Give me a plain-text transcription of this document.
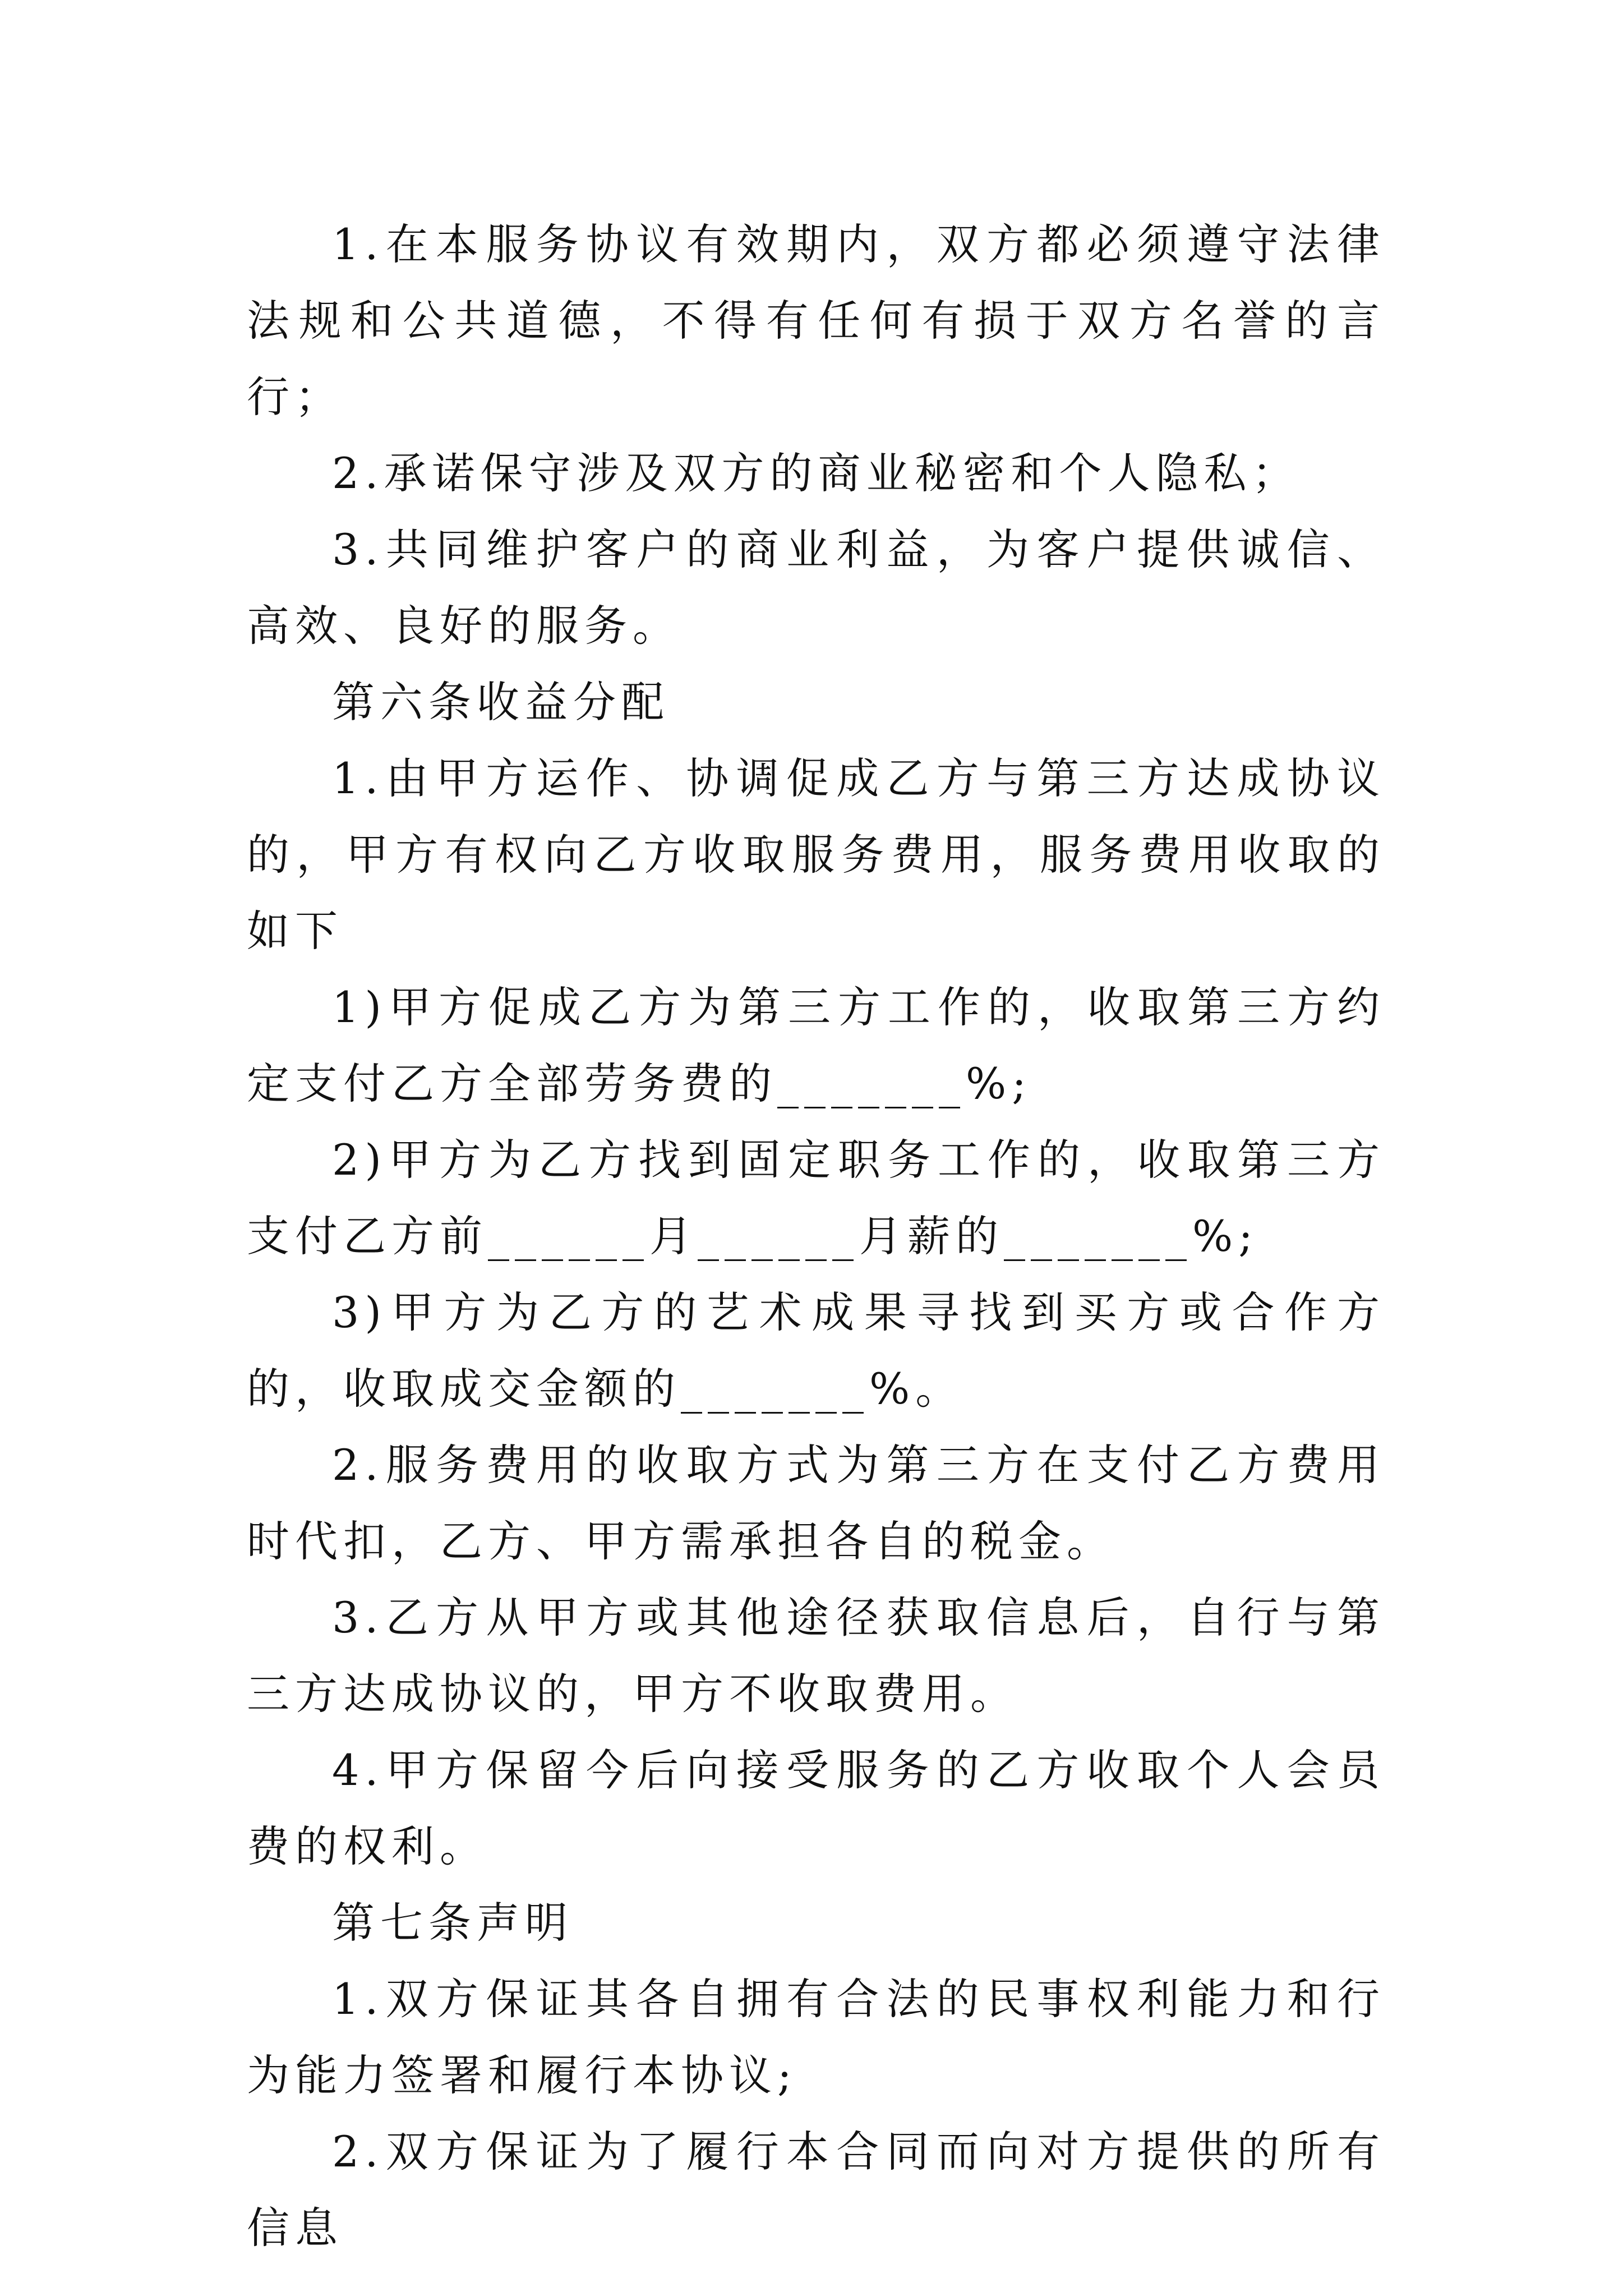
1.在本服务协议有效期内，双方都必须遵守法律法规和公共道德，不得有任何有损于双方名誉的言行；

2.承诺保守涉及双方的商业秘密和个人隐私；

3.共同维护客户的商业利益，为客户提供诚信、高效、良好的服务。

第六条收益分配

1.由甲方运作、协调促成乙方与第三方达成协议的，甲方有权向乙方收取服务费用，服务费用收取的如下

1)甲方促成乙方为第三方工作的，收取第三方约定支付乙方全部劳务费的_______%;

2)甲方为乙方找到固定职务工作的，收取第三方支付乙方前______月______月薪的_______%;

3)甲方为乙方的艺术成果寻找到买方或合作方的，收取成交金额的_______%。

2.服务费用的收取方式为第三方在支付乙方费用时代扣，乙方、甲方需承担各自的税金。

3.乙方从甲方或其他途径获取信息后，自行与第三方达成协议的，甲方不收取费用。

4.甲方保留今后向接受服务的乙方收取个人会员费的权利。

第七条声明

1.双方保证其各自拥有合法的民事权利能力和行为能力签署和履行本协议;

2.双方保证为了履行本合同而向对方提供的所有信息
